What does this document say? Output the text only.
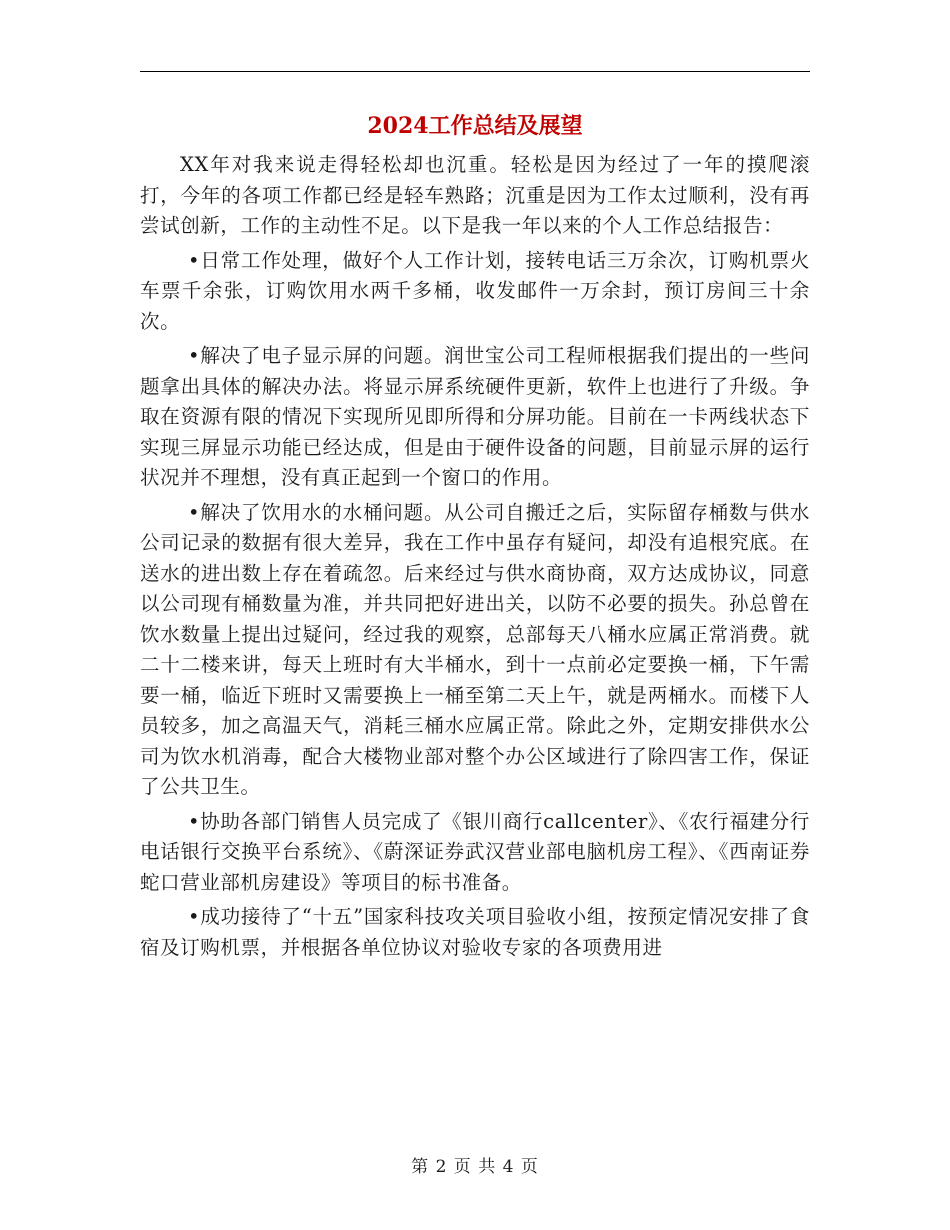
2024工作总结及展望

XX年对我来说走得轻松却也沉重。轻松是因为经过了一年的摸爬滚打，今年的各项工作都已经是轻车熟路；沉重是因为工作太过顺利，没有再尝试创新，工作的主动性不足。以下是我一年以来的个人工作总结报告：

•日常工作处理，做好个人工作计划，接转电话三万余次，订购机票火车票千余张，订购饮用水两千多桶，收发邮件一万余封，预订房间三十余次。

•解决了电子显示屏的问题。润世宝公司工程师根据我们提出的一些问题拿出具体的解决办法。将显示屏系统硬件更新，软件上也进行了升级。争取在资源有限的情况下实现所见即所得和分屏功能。目前在一卡两线状态下实现三屏显示功能已经达成，但是由于硬件设备的问题，目前显示屏的运行状况并不理想，没有真正起到一个窗口的作用。

•解决了饮用水的水桶问题。从公司自搬迁之后，实际留存桶数与供水公司记录的数据有很大差异，我在工作中虽存有疑问，却没有追根究底。在送水的进出数上存在着疏忽。后来经过与供水商协商，双方达成协议，同意以公司现有桶数量为准，并共同把好进出关，以防不必要的损失。孙总曾在饮水数量上提出过疑问，经过我的观察，总部每天八桶水应属正常消费。就二十二楼来讲，每天上班时有大半桶水，到十一点前必定要换一桶，下午需要一桶，临近下班时又需要换上一桶至第二天上午，就是两桶水。而楼下人员较多，加之高温天气，消耗三桶水应属正常。除此之外，定期安排供水公司为饮水机消毒，配合大楼物业部对整个办公区域进行了除四害工作，保证了公共卫生。

•协助各部门销售人员完成了《银川商行callcenter》、《农行福建分行电话银行交换平台系统》、《蔚深证券武汉营业部电脑机房工程》、《西南证券蛇口营业部机房建设》等项目的标书准备。

•成功接待了“十五”国家科技攻关项目验收小组，按预定情况安排了食宿及订购机票，并根据各单位协议对验收专家的各项费用进

第 2 页 共 4 页
